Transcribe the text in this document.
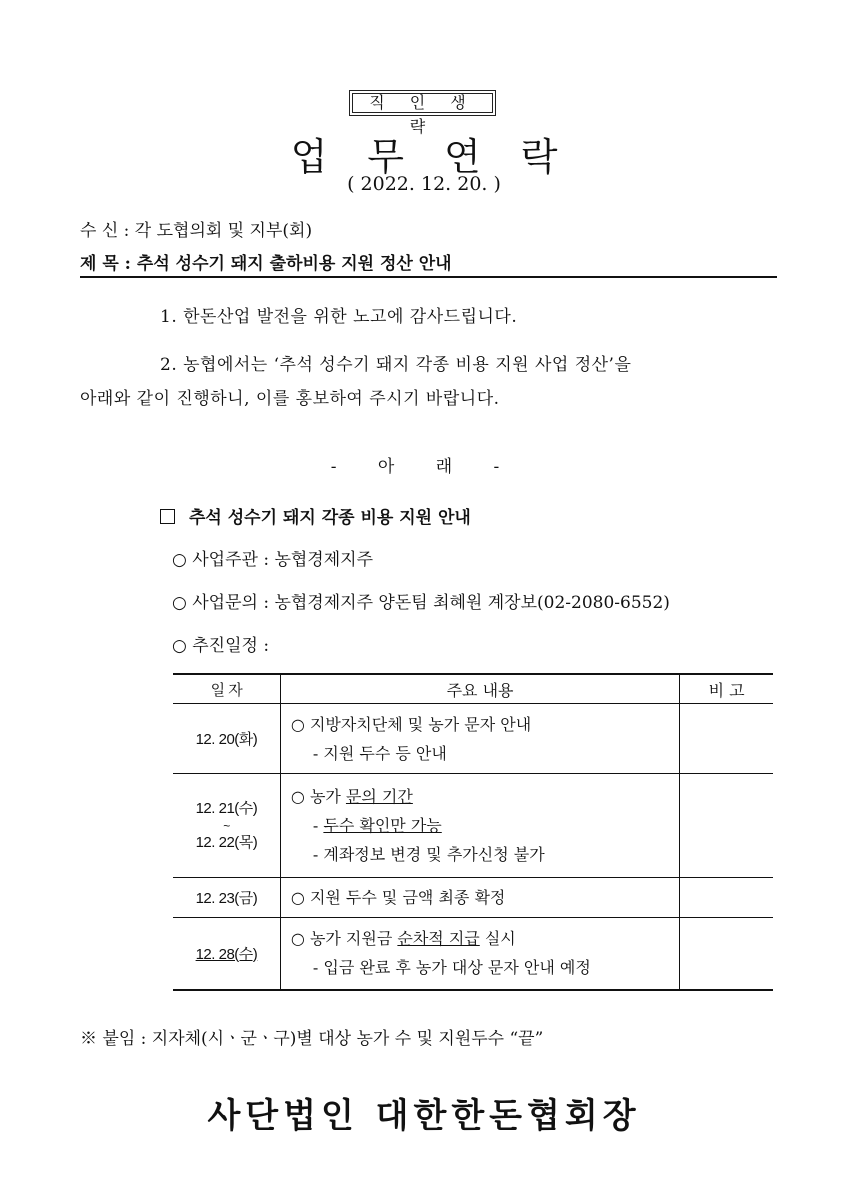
직 인 생 략
업무연락
( 2022. 12. 20. )
수 신 : 각 도협의회 및 지부(회)
제 목 : 추석 성수기 돼지 출하비용 지원 정산 안내
1. 한돈산업 발전을 위한 노고에 감사드립니다.
2. 농협에서는 ‘추석 성수기 돼지 각종 비용 지원 사업 정산’을
아래와 같이 진행하니, 이를 홍보하여 주시기 바랍니다.
- 아 래 -
추석 성수기 돼지 각종 비용 지원 안내
○ 사업주관 : 농협경제지주
○ 사업문의 : 농협경제지주 양돈팀 최혜원 계장보(02-2080-6552)
○ 추진일정 :
일 자	주요 내용	비 고
12. 20(화)	○ 지방자치단체 및 농가 문자 안내
- 지원 두수 등 안내	

12. 21(수)
~
12. 22(목)	○ 농가 문의 기간
- 두수 확인만 가능
- 계좌정보 변경 및 추가신청 불가	

12. 23(금)	○ 지원 두수 및 금액 최종 확정	

12. 28(수)	○ 농가 지원금 순차적 지급 실시
- 입금 완료 후 농가 대상 문자 안내 예정	

※ 붙임 : 지자체(시ㆍ군ㆍ구)별 대상 농가 수 및 지원두수 “끝”
사단법인 대한한돈협회장
